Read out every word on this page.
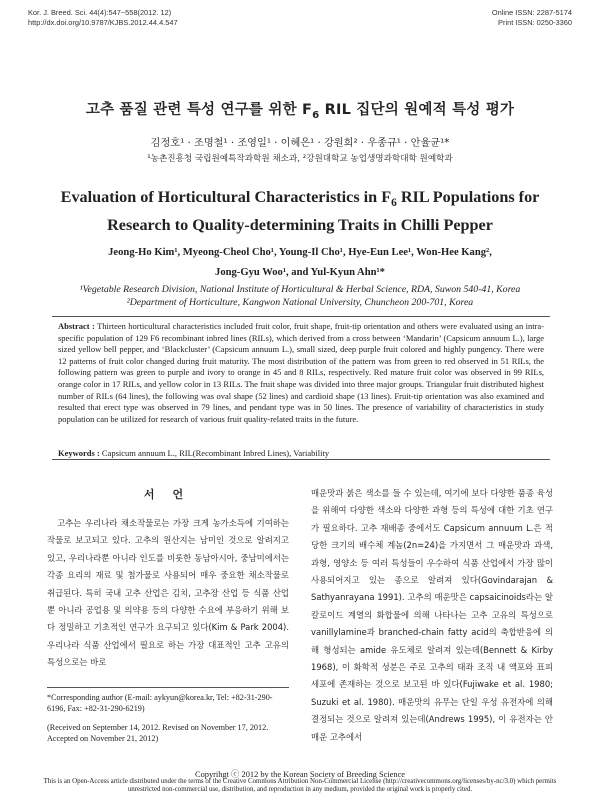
Kor. J. Breed. Sci. 44(4):547~558(2012. 12)
http://dx.doi.org/10.9787/KJBS.2012.44.4.547
Online ISSN: 2287-5174
Print ISSN: 0250-3360
고추 품질 관련 특성 연구를 위한 $F_6$ RIL 집단의 원예적 특성 평가
김정호¹ · 조명철¹ · 조영일¹ · 이혜은¹ · 강원희² · 우종규¹ · 안율균¹*
¹농촌진흥청 국립원예특작과학원 채소과, ²강원대학교 농업생명과학대학 원예학과
Evaluation of Horticultural Characteristics in $F_6$ RIL Populations for Research to Quality-determining Traits in Chilli Pepper
Jeong-Ho Kim¹, Myeong-Cheol Cho¹, Young-Il Cho¹, Hye-Eun Lee¹, Won-Hee Kang²,
Jong-Gyu Woo¹, and Yul-Kyun Ahn¹*
¹Vegetable Research Division, National Institute of Horticultural & Herbal Science, RDA, Suwon 540-41, Korea
²Department of Horticulture, Kangwon National University, Chuncheon 200-701, Korea
Abstract : Thirteen horticultural characteristics included fruit color, fruit shape, fruit-tip orientation and others were evaluated using an intra-specific population of 129 F6 recombinant inbred lines (RILs), which derived from a cross between ‘Mandarin’ (Capsicum annuum L.), large sized yellow bell pepper, and ‘Blackcluster’ (Capsicum annuum L.), small sized, deep purple fruit colored and highly pungency. There were 12 patterns of fruit color changed during fruit maturity. The most distribution of the pattern was from green to red observed in 51 RILs, the following pattern was green to purple and ivory to orange in 45 and 8 RILs, respectively. Red mature fruit color was observed in 99 RILs, orange color in 17 RILs, and yellow color in 13 RILs. The fruit shape was divided into three major groups. Triangular fruit distributed highest number of RILs (64 lines), the following was oval shape (52 lines) and cardioid shape (13 lines). Fruit-tip orientation was also examined and resulted that erect type was observed in 79 lines, and pendant type was in 50 lines. The presence of variability of characteristics in study population can be utilized for research of various fruit quality-related traits in the future.
Keywords : Capsicum annuum L., RIL(Recombinant Inbred Lines), Variability
서언
고추는 우리나라 채소작물로는 가장 크게 농가소득에 기여하는 작물로 보고되고 있다. 고추의 원산지는 남미인 것으로 알려지고 있고, 우리나라뿐 아니라 인도를 비롯한 동남아시아, 중남미에서는 각종 요리의 재료 및 첨가물로 사용되어 매우 중요한 채소작물로 취급된다. 특히 국내 고추 산업은 김치, 고추장 산업 등 식품 산업뿐 아니라 공업용 및 의약용 등의 다양한 수요에 부응하기 위해 보다 정밀하고 기초적인 연구가 요구되고 있다(Kim & Park 2004). 우리나라 식품 산업에서 필요로 하는 가장 대표적인 고추 고유의 특성으로는 바로
매운맛과 붉은 색소를 들 수 있는데, 여기에 보다 다양한 품종 육성을 위해여 다양한 색소와 다양한 과형 등의 특성에 대한 기초 연구가 필요하다. 고추 재배종 중에서도 Capsicum annuum L.은 적당한 크기의 배수체 계놈(2n=24)을 가지면서 그 매운맛과 과색, 과형, 영양소 등 여러 특성들이 우수하여 식품 산업에서 가장 많이 사용되어지고 있는 종으로 알려져 있다(Govindarajan & Sathyanrayana 1991). 고추의 매운맛은 capsaicinoids라는 알칼로이드 계열의 화합물에 의해 나타나는 고추 고유의 특성으로 vanillylamine과 branched-chain fatty acid의 축합반응에 의해 형성되는 amide 유도체로 알려져 있는데(Bennett & Kirby 1968), 이 화학적 성분은 주로 고추의 태좌 조직 내 액포와 표피 세포에 존재하는 것으로 보고된 바 있다(Fujiwake et al. 1980; Suzuki et al. 1980). 매운맛의 유무는 단일 우성 유전자에 의해 결정되는 것으로 알려져 있는데(Andrews 1995), 이 유전자는 안 매운 고추에서
*Corresponding author (E-mail: aykyun@korea.kr, Tel: +82-31-290-6196, Fax: +82-31-290-6219)
(Received on September 14, 2012. Revised on November 17, 2012. Accepted on November 21, 2012)
Copyrihgt ⓒ 2012 by the Korean Society of Breeding Science
This is an Open-Access article distributed under the terms of the Creative Commons Attribution Non-Commercial License (http://creativecommons.org/licenses/by-nc/3.0) which permits unrestricted non-commercial use, distribution, and reproduction in any medium, provided the original work is properly cited.
